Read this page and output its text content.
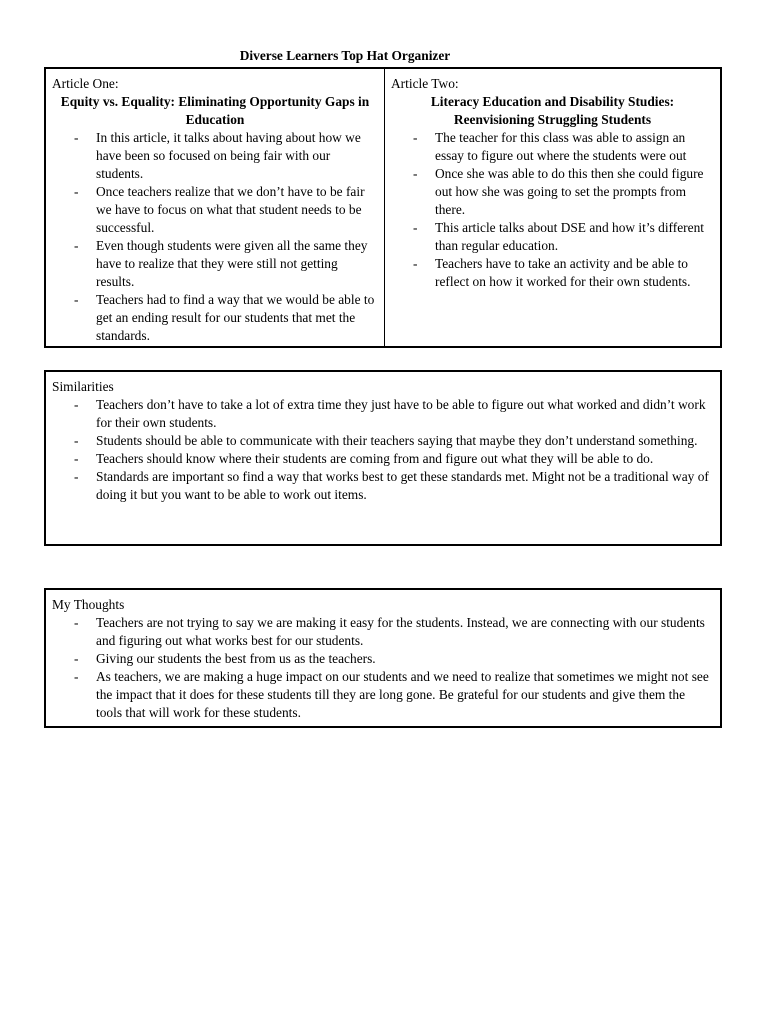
Diverse Learners Top Hat Organizer
Article One:
Equity vs. Equality: Eliminating Opportunity Gaps in Education
- In this article, it talks about having about how we have been so focused on being fair with our students.
- Once teachers realize that we don’t have to be fair we have to focus on what that student needs to be successful.
- Even though students were given all the same they have to realize that they were still not getting results.
- Teachers had to find a way that we would be able to get an ending result for our students that met the standards.
Article Two:
Literacy Education and Disability Studies: Reenvisioning Struggling Students
- The teacher for this class was able to assign an essay to figure out where the students were out
- Once she was able to do this then she could figure out how she was going to set the prompts from there.
- This article talks about DSE and how it’s different than regular education.
- Teachers have to take an activity and be able to reflect on how it worked for their own students.
Similarities
- Teachers don’t have to take a lot of extra time they just have to be able to figure out what worked and didn’t work for their own students.
- Students should be able to communicate with their teachers saying that maybe they don’t understand something.
- Teachers should know where their students are coming from and figure out what they will be able to do.
- Standards are important so find a way that works best to get these standards met. Might not be a traditional way of doing it but you want to be able to work out items.
My Thoughts
- Teachers are not trying to say we are making it easy for the students. Instead, we are connecting with our students and figuring out what works best for our students.
- Giving our students the best from us as the teachers.
- As teachers, we are making a huge impact on our students and we need to realize that sometimes we might not see the impact that it does for these students till they are long gone. Be grateful for our students and give them the tools that will work for these students.
